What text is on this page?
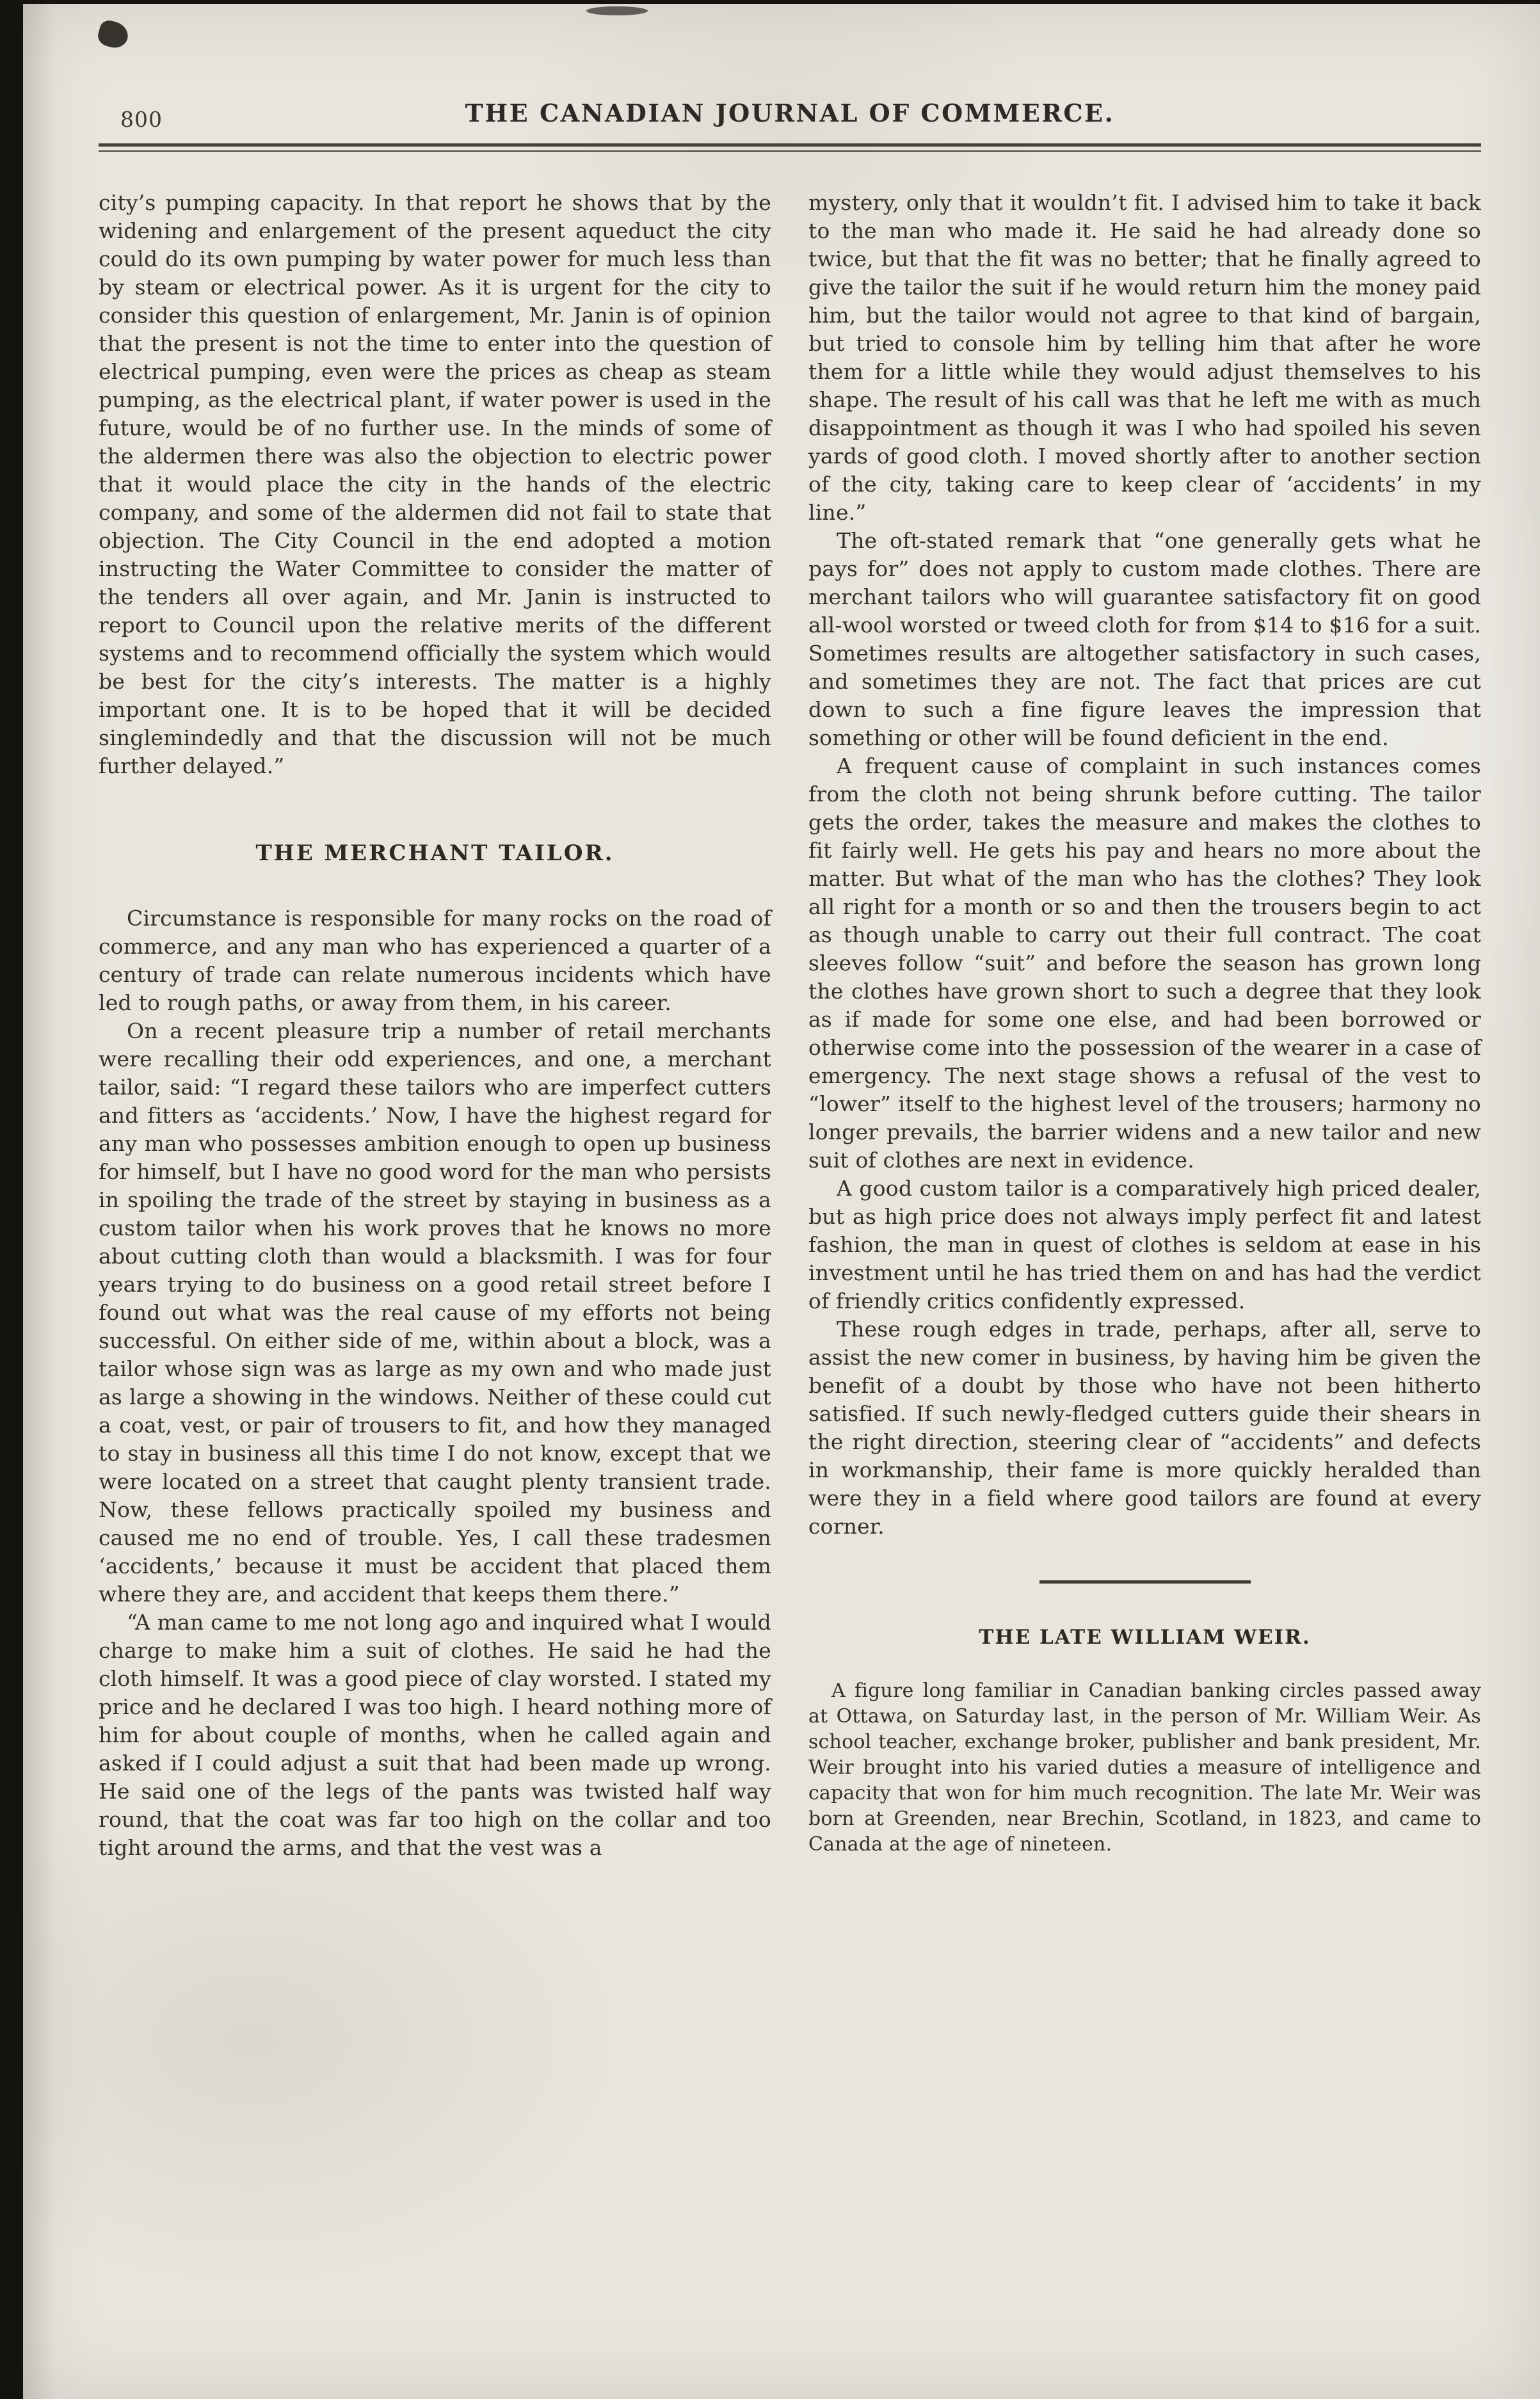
800	THE CANADIAN JOURNAL OF COMMERCE.

city’s pumping capacity. In that report he shows that by the widening and enlargement of the present aqueduct the city could do its own pumping by water power for much less than by steam or electrical power. As it is urgent for the city to consider this question of enlargement, Mr. Janin is of opinion that the present is not the time to enter into the question of electrical pumping, even were the prices as cheap as steam pumping, as the electrical plant, if water power is used in the future, would be of no further use. In the minds of some of the aldermen there was also the objection to electric power that it would place the city in the hands of the electric company, and some of the aldermen did not fail to state that objection. The City Council in the end adopted a motion instructing the Water Committee to consider the matter of the tenders all over again, and Mr. Janin is instructed to report to Council upon the relative merits of the different systems and to recommend officially the system which would be best for the city’s interests. The matter is a highly important one. It is to be hoped that it will be decided singlemindedly and that the discussion will not be much further delayed.”

THE MERCHANT TAILOR.

Circumstance is responsible for many rocks on the road of commerce, and any man who has experienced a quarter of a century of trade can relate numerous incidents which have led to rough paths, or away from them, in his career.

On a recent pleasure trip a number of retail merchants were recalling their odd experiences, and one, a merchant tailor, said: “I regard these tailors who are imperfect cutters and fitters as ‘accidents.’ Now, I have the highest regard for any man who possesses ambition enough to open up business for himself, but I have no good word for the man who persists in spoiling the trade of the street by staying in business as a custom tailor when his work proves that he knows no more about cutting cloth than would a blacksmith. I was for four years trying to do business on a good retail street before I found out what was the real cause of my efforts not being successful. On either side of me, within about a block, was a tailor whose sign was as large as my own and who made just as large a showing in the windows. Neither of these could cut a coat, vest, or pair of trousers to fit, and how they managed to stay in business all this time I do not know, except that we were located on a street that caught plenty transient trade. Now, these fellows practically spoiled my business and caused me no end of trouble. Yes, I call these tradesmen ‘accidents,’ because it must be accident that placed them where they are, and accident that keeps them there.”

“A man came to me not long ago and inquired what I would charge to make him a suit of clothes. He said he had the cloth himself. It was a good piece of clay worsted. I stated my price and he declared I was too high. I heard nothing more of him for about couple of months, when he called again and asked if I could adjust a suit that had been made up wrong. He said one of the legs of the pants was twisted half way round, that the coat was far too high on the collar and too tight around the arms, and that the vest was a

mystery, only that it wouldn’t fit. I advised him to take it back to the man who made it. He said he had already done so twice, but that the fit was no better; that he finally agreed to give the tailor the suit if he would return him the money paid him, but the tailor would not agree to that kind of bargain, but tried to console him by telling him that after he wore them for a little while they would adjust themselves to his shape. The result of his call was that he left me with as much disappointment as though it was I who had spoiled his seven yards of good cloth. I moved shortly after to another section of the city, taking care to keep clear of ‘accidents’ in my line.”

The oft-stated remark that “one generally gets what he pays for” does not apply to custom made clothes. There are merchant tailors who will guarantee satisfactory fit on good all-wool worsted or tweed cloth for from $14 to $16 for a suit. Sometimes results are altogether satisfactory in such cases, and sometimes they are not. The fact that prices are cut down to such a fine figure leaves the impression that something or other will be found deficient in the end.

A frequent cause of complaint in such instances comes from the cloth not being shrunk before cutting. The tailor gets the order, takes the measure and makes the clothes to fit fairly well. He gets his pay and hears no more about the matter. But what of the man who has the clothes? They look all right for a month or so and then the trousers begin to act as though unable to carry out their full contract. The coat sleeves follow “suit” and before the season has grown long the clothes have grown short to such a degree that they look as if made for some one else, and had been borrowed or otherwise come into the possession of the wearer in a case of emergency. The next stage shows a refusal of the vest to “lower” itself to the highest level of the trousers; harmony no longer prevails, the barrier widens and a new tailor and new suit of clothes are next in evidence.

A good custom tailor is a comparatively high priced dealer, but as high price does not always imply perfect fit and latest fashion, the man in quest of clothes is seldom at ease in his investment until he has tried them on and has had the verdict of friendly critics confidently expressed.

These rough edges in trade, perhaps, after all, serve to assist the new comer in business, by having him be given the benefit of a doubt by those who have not been hitherto satisfied. If such newly-fledged cutters guide their shears in the right direction, steering clear of “accidents” and defects in workmanship, their fame is more quickly heralded than were they in a field where good tailors are found at every corner.

THE LATE WILLIAM WEIR.

A figure long familiar in Canadian banking circles passed away at Ottawa, on Saturday last, in the person of Mr. William Weir. As school teacher, exchange broker, publisher and bank president, Mr. Weir brought into his varied duties a measure of intelligence and capacity that won for him much recognition. The late Mr. Weir was born at Greenden, near Brechin, Scotland, in 1823, and came to Canada at the age of nineteen.
